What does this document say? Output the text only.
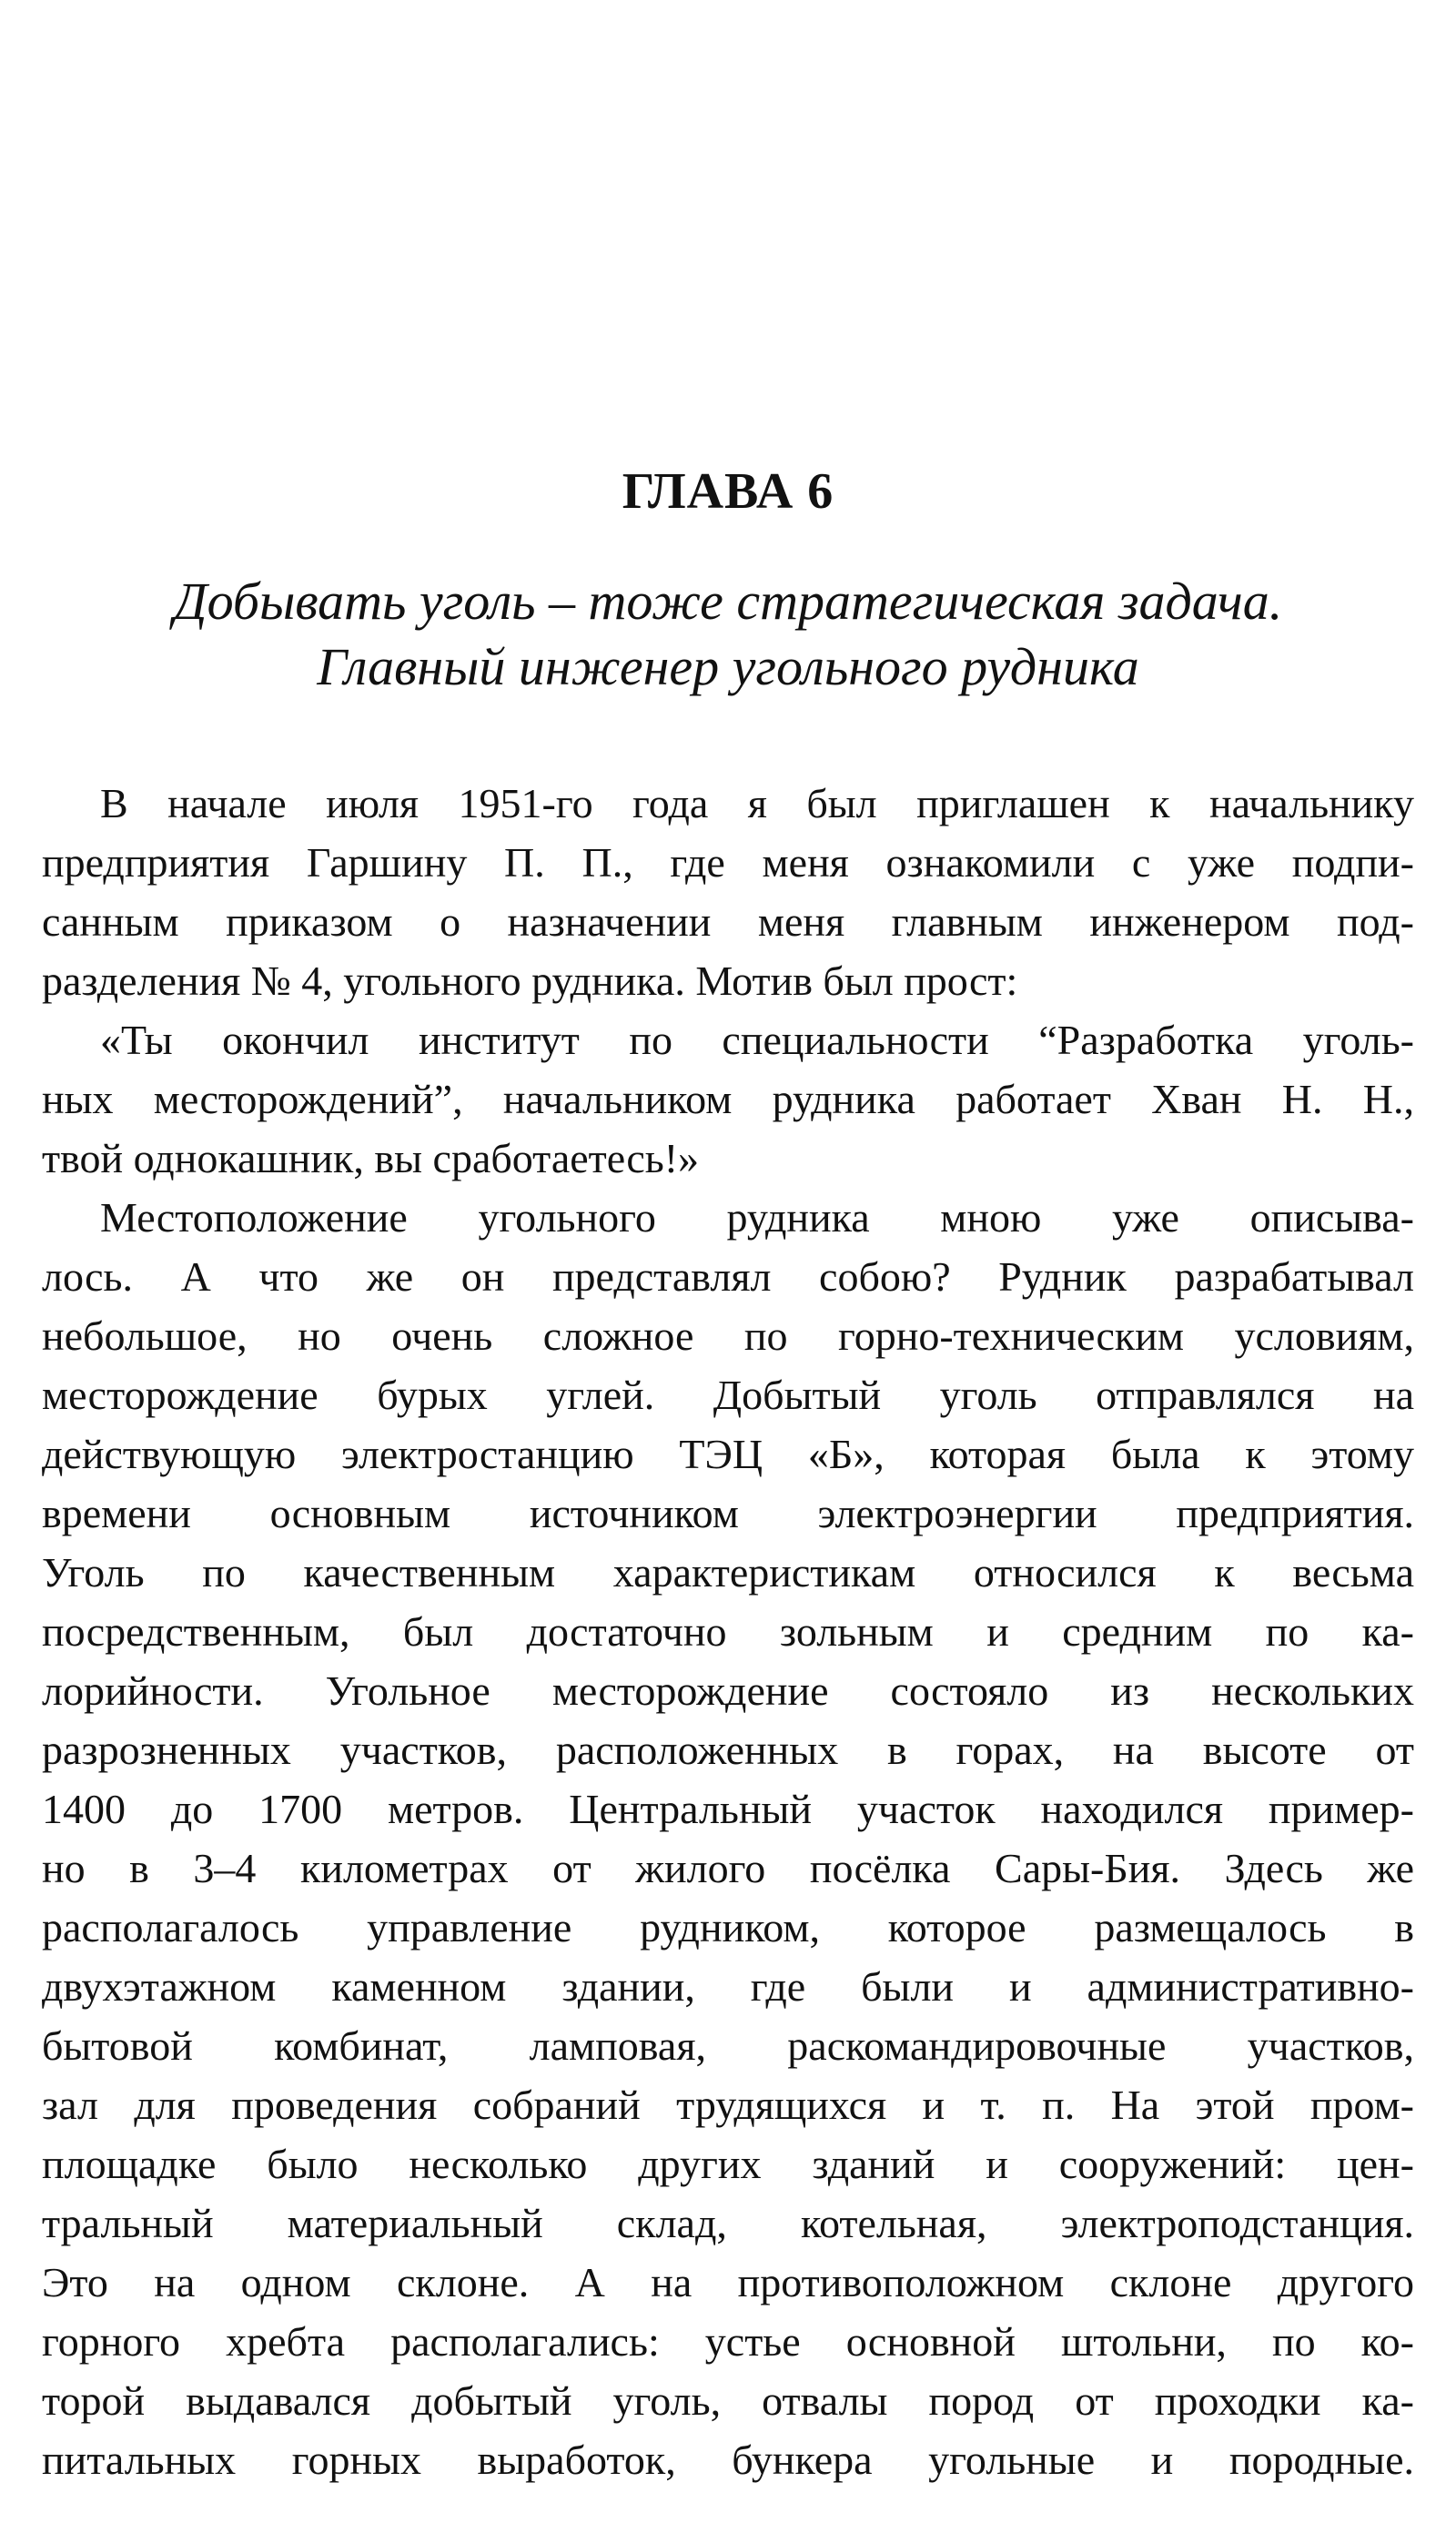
ГЛАВА 6
Добывать уголь – тоже стратегическая задача.
Главный инженер угольного рудника

В начале июля 1951-го года я был приглашен к начальнику
предприятия Гаршину П. П., где меня ознакомили с уже подпи-
санным приказом о назначении меня главным инженером под-
разделения № 4, угольного рудника. Мотив был прост:

«Ты окончил институт по специальности “Разработка уголь-
ных месторождений”, начальником рудника работает Хван Н. Н.,
твой однокашник, вы сработаетесь!»

Местоположение угольного рудника мною уже описыва-
лось. А что же он представлял собою? Рудник разрабатывал
небольшое, но очень сложное по горно-техническим условиям,
месторождение бурых углей. Добытый уголь отправлялся на
действующую электростанцию ТЭЦ «Б», которая была к этому
времени основным источником электроэнергии предприятия.
Уголь по качественным характеристикам относился к весьма
посредственным, был достаточно зольным и средним по ка-
лорийности. Угольное месторождение состояло из нескольких
разрозненных участков, расположенных в горах, на высоте от
1400 до 1700 метров. Центральный участок находился пример-
но в 3–4 километрах от жилого посёлка Сары-Бия. Здесь же
располагалось управление рудником, которое размещалось в
двухэтажном каменном здании, где были и административно-
бытовой комбинат, ламповая, раскомандировочные участков,
зал для проведения собраний трудящихся и т. п. На этой пром-
площадке было несколько других зданий и сооружений: цен-
тральный материальный склад, котельная, электроподстанция.
Это на одном склоне. А на противоположном склоне другого
горного хребта располагались: устье основной штольни, по ко-
торой выдавался добытый уголь, отвалы пород от проходки ка-
питальных горных выработок, бункера угольные и породные.
